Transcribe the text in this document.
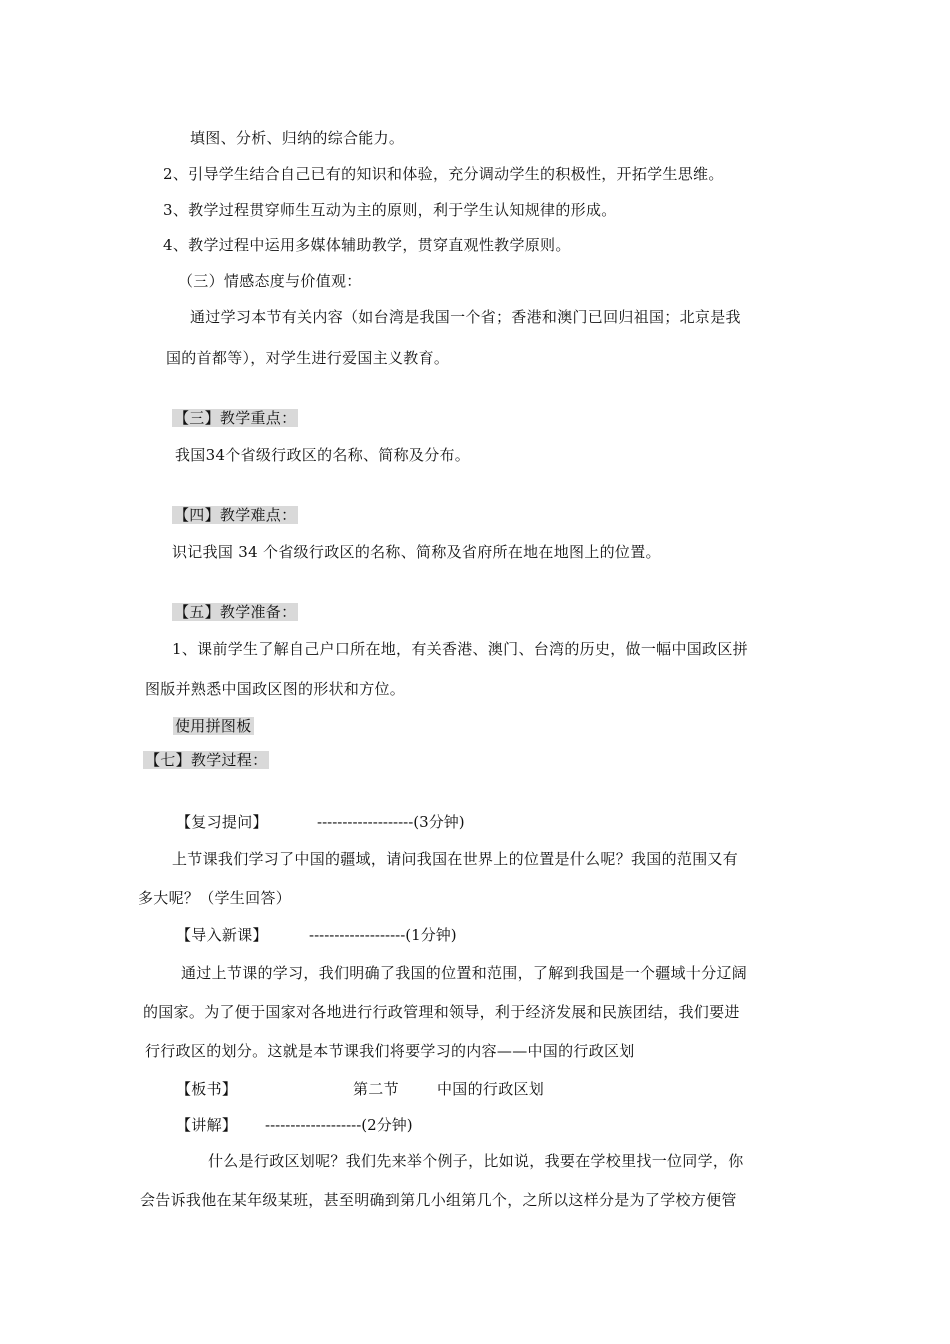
填图、分析、归纳的综合能力。
2、引导学生结合自己已有的知识和体验，充分调动学生的积极性，开拓学生思维。
3、教学过程贯穿师生互动为主的原则，利于学生认知规律的形成。
4、教学过程中运用多媒体辅助教学，贯穿直观性教学原则。
（三）情感态度与价值观：
通过学习本节有关内容（如台湾是我国一个省；香港和澳门已回归祖国；北京是我
国的首都等），对学生进行爱国主义教育。
【三】教学重点：
我国34个省级行政区的名称、简称及分布。
【四】教学难点：
识记我国 34 个省级行政区的名称、简称及省府所在地在地图上的位置。
【五】教学准备：
1、课前学生了解自己户口所在地，有关香港、澳门、台湾的历史，做一幅中国政区拼
图版并熟悉中国政区图的形状和方位。
使用拼图板
【七】教学过程：
【复习提问】	-------------------(3分钟)
上节课我们学习了中国的疆域，请问我国在世界上的位置是什么呢？我国的范围又有
多大呢？（学生回答）
【导入新课】	-------------------(1分钟)
通过上节课的学习，我们明确了我国的位置和范围，了解到我国是一个疆域十分辽阔
的国家。为了便于国家对各地进行行政管理和领导，利于经济发展和民族团结，我们要进
行行政区的划分。这就是本节课我们将要学习的内容——中国的行政区划
【板书】	第二节	中国的行政区划
【讲解】 -------------------(2分钟)
什么是行政区划呢？我们先来举个例子，比如说，我要在学校里找一位同学，你
会告诉我他在某年级某班，甚至明确到第几小组第几个，之所以这样分是为了学校方便管
